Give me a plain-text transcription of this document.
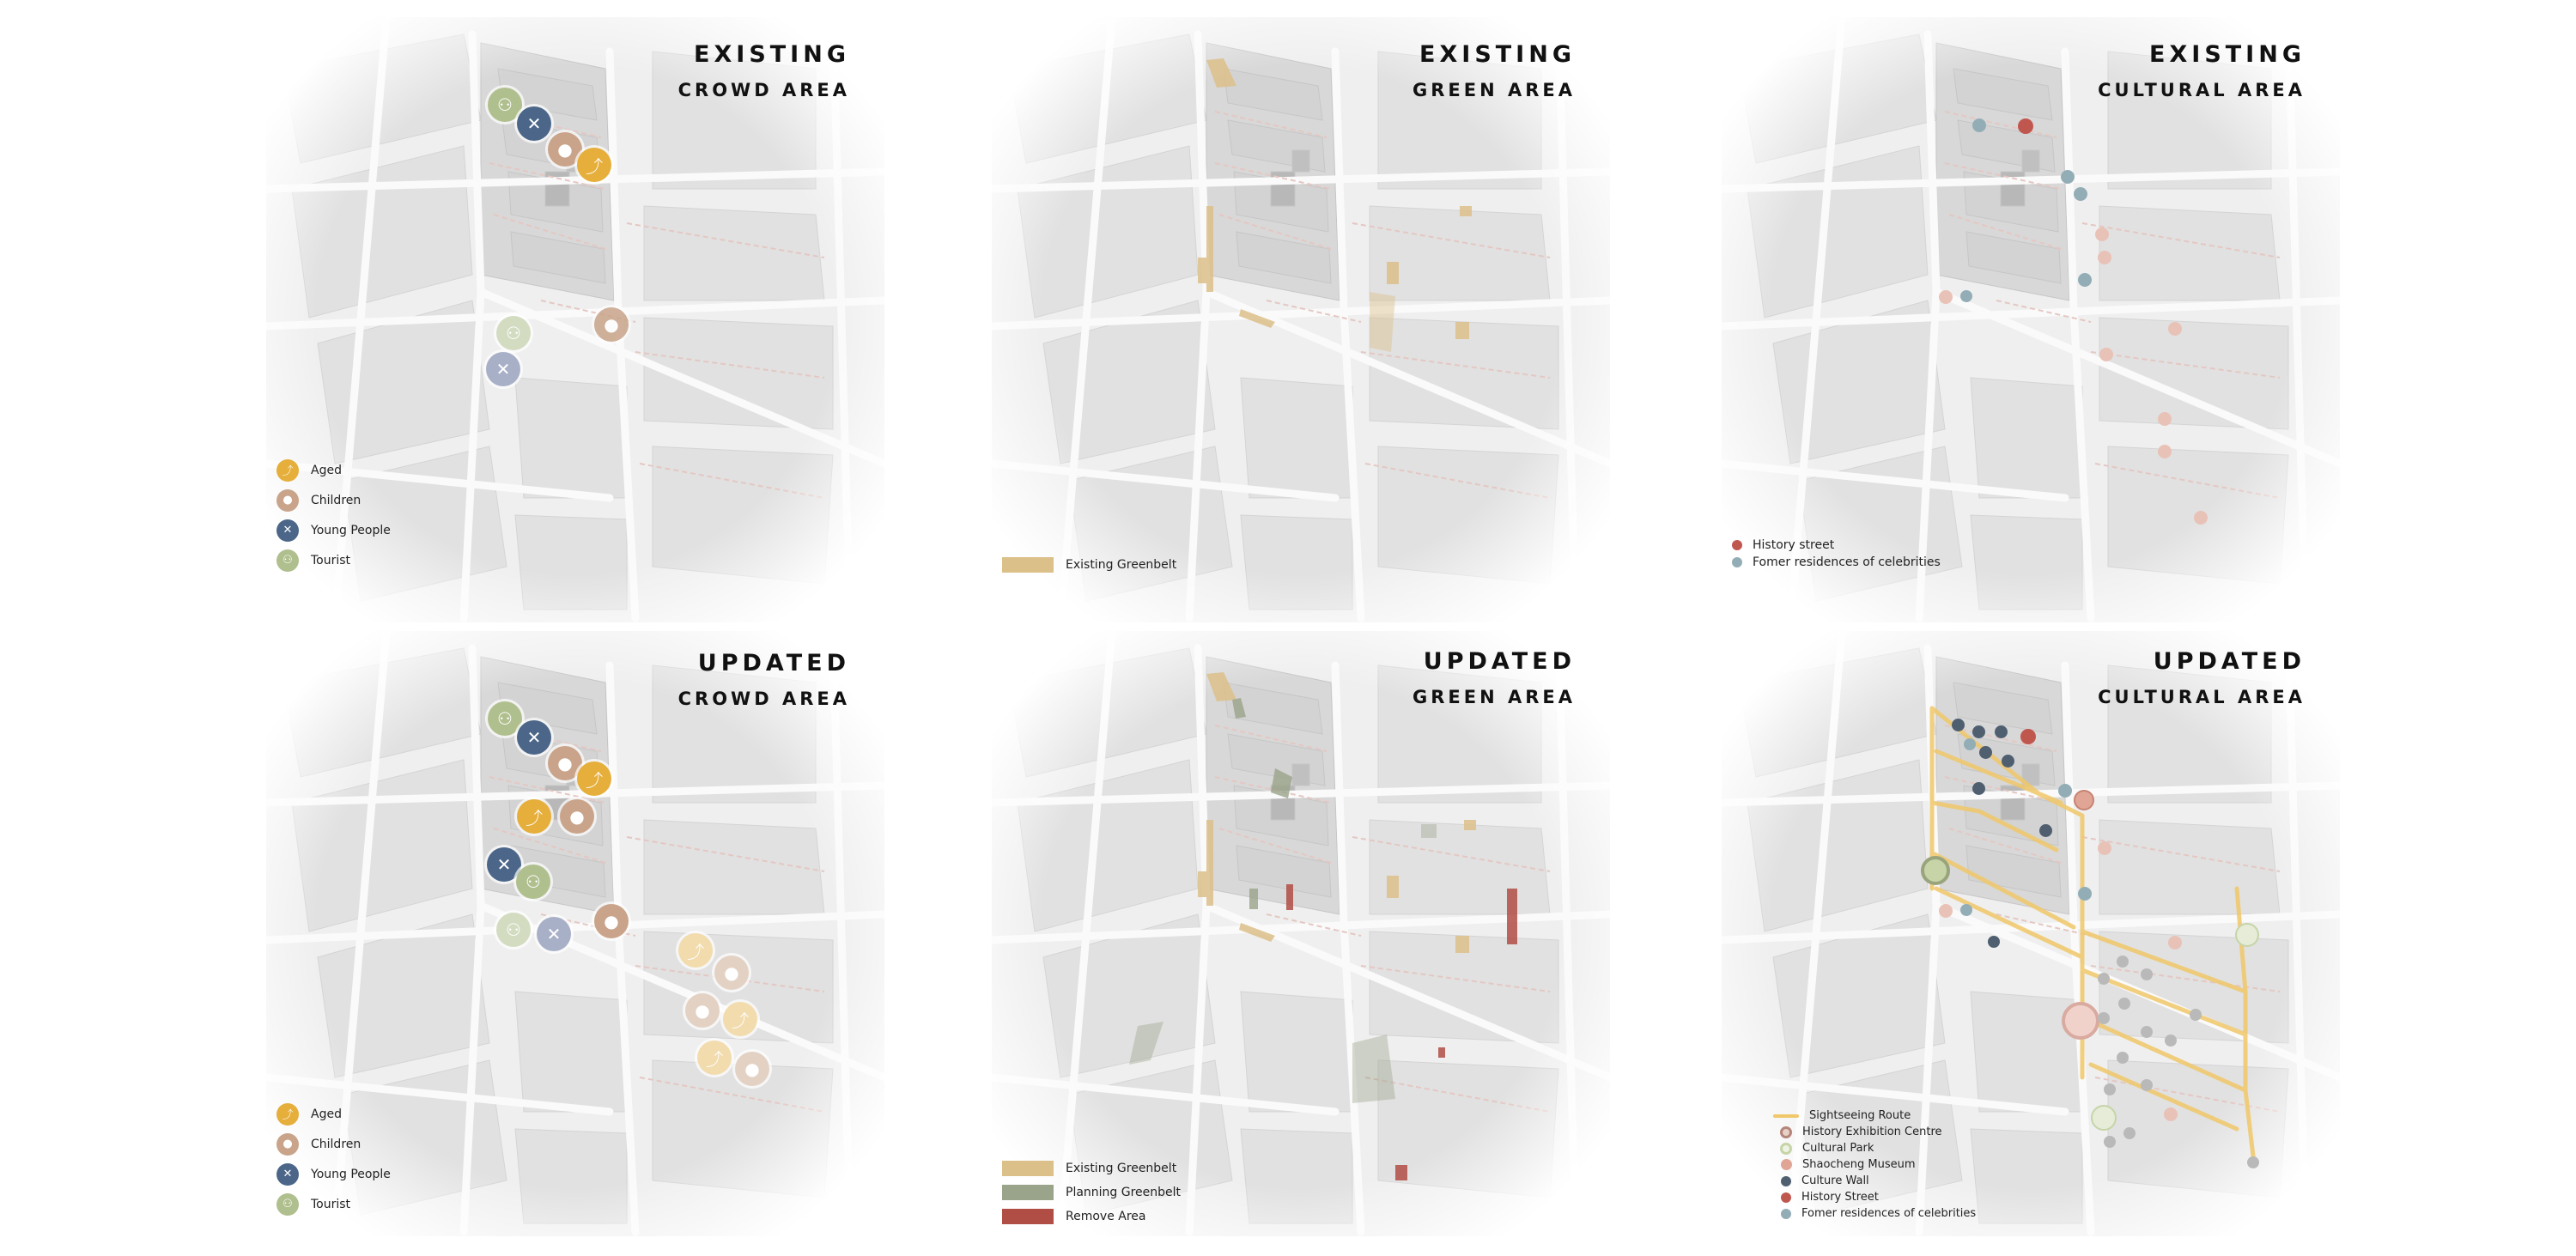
EXISTING
CROWD AREA
⚇
✕
●
⤴
●
⚇
✕
⤴	Aged
●	Children
✕	Young People
⚇	Tourist
EXISTING
GREEN AREA
Existing Greenbelt
EXISTING
CULTURAL AREA
History street
Fomer residences of celebrities
UPDATED
CROWD AREA
⚇
✕
●
⤴
⤴	●
✕
⚇
●
⚇	✕
⤴
●
●	⤴
⤴	●
⤴	Aged
●	Children
✕	Young People
⚇	Tourist
UPDATED
GREEN AREA
Existing Greenbelt
Planning Greenbelt
Remove Area
UPDATED
CULTURAL AREA
Sightseeing Route
History Exhibition Centre
Cultural Park
Shaocheng Museum
Culture Wall
History Street
Fomer residences of celebrities
